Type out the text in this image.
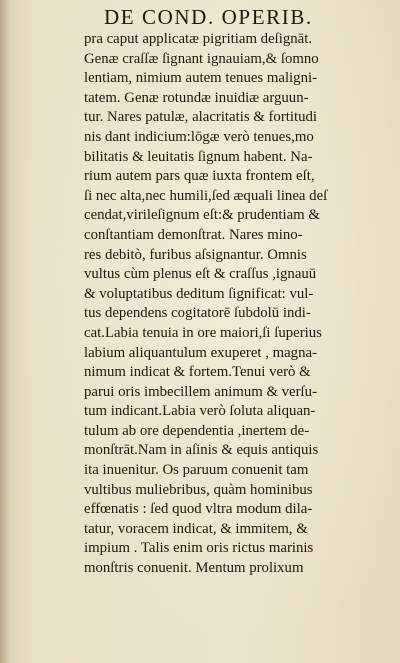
DE COND. OPERIB.
pra caput applicatæ pigritiam deſignāt.
Genæ craſſæ ſignant ignauiam,& ſomno
lentiam, nimium autem tenues maligni-
tatem. Genæ rotundæ inuidiæ arguun-
tur. Nares patulæ, alacritatis & fortitudi
nis dant indicium:lōgæ verò tenues,mo
bilitatis & leuitatis ſignum habent. Na-
rium autem pars quæ iuxta frontem eſt,
ſi nec alta,nec humili,ſed æquali linea deſ
cendat,virileſignum eſt:& prudentiam &
conſtantiam demonſtrat. Nares mino-
res debitò, furibus aſsignantur. Omnis
vultus cùm plenus eſt & craſſus ,ignauū
& voluptatibus deditum ſignificat: vul-
tus dependens cogitatorē ſubdolū indi-
cat.Labia tenuia in ore maiori,ſi ſuperius
labium aliquantulum exuperet , magna-
nimum indicat & fortem.Tenui verò &
parui oris imbecillem animum & verſu-
tum indicant.Labia verò ſoluta aliquan-
tulum ab ore dependentia ,inertem de-
monſtrāt.Nam in aſinis & equis antiquis
ita inuenitur. Os paruum conuenit tam
vultibus muliebribus, quàm hominibus
effœnatis : ſed quod vltra modum dila-
tatur, voracem indicat, & immitem, &
impium . Talis enim oris rictus marinis
monſtris conuenit. Mentum prolixum
